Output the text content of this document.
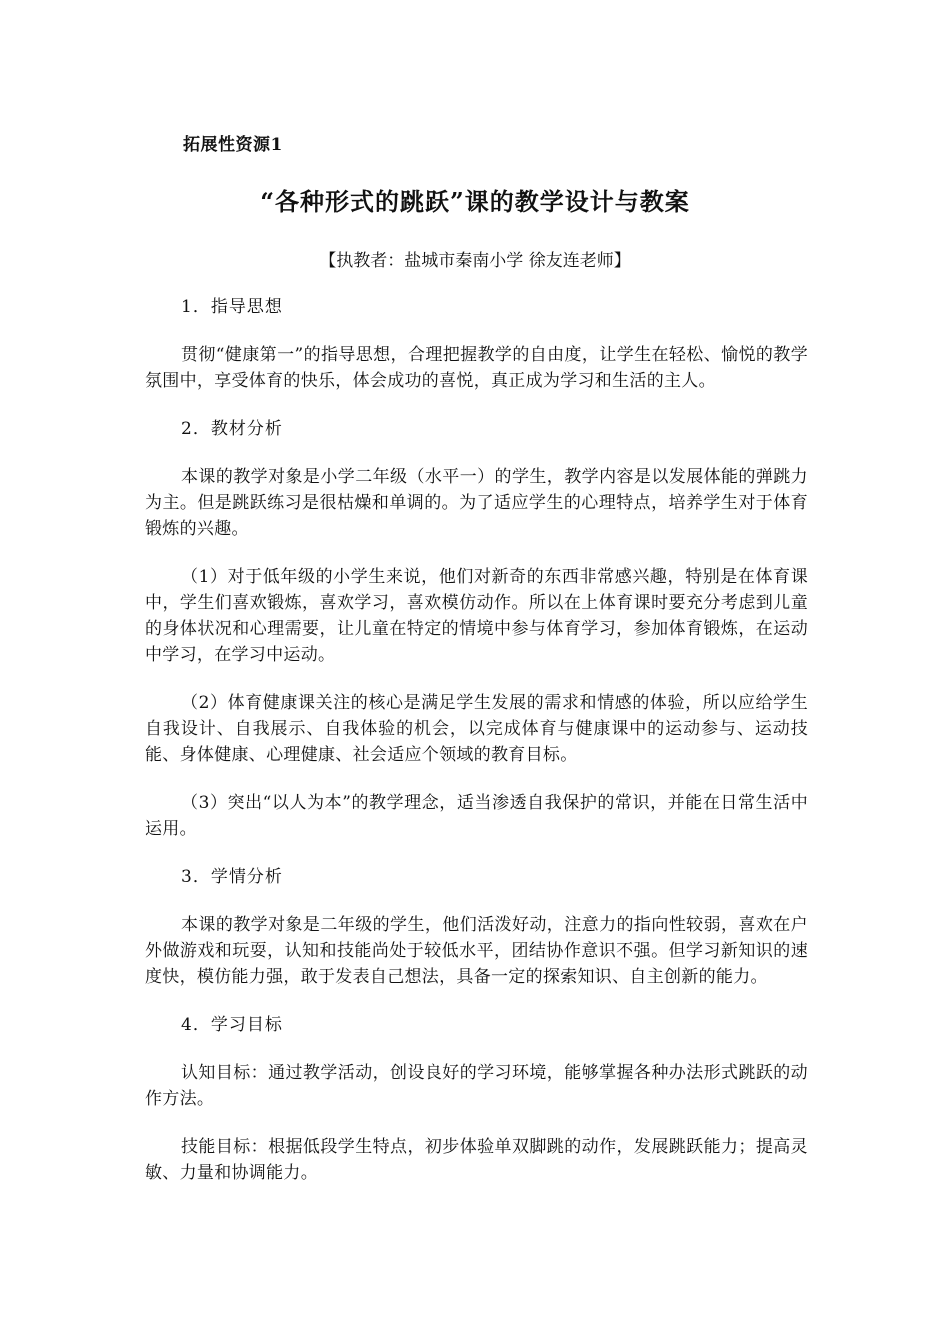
拓展性资源1
“各种形式的跳跃”课的教学设计与教案
【执教者：盐城市秦南小学 徐友连老师】
1．指导思想

贯彻“健康第一”的指导思想，合理把握教学的自由度，让学生在轻松、愉悦的教学氛围中，享受体育的快乐，体会成功的喜悦，真正成为学习和生活的主人。

2．教材分析

本课的教学对象是小学二年级（水平一）的学生，教学内容是以发展体能的弹跳力为主。但是跳跃练习是很枯燥和单调的。为了适应学生的心理特点，培养学生对于体育锻炼的兴趣。

（1）对于低年级的小学生来说，他们对新奇的东西非常感兴趣，特别是在体育课中，学生们喜欢锻炼，喜欢学习，喜欢模仿动作。所以在上体育课时要充分考虑到儿童的身体状况和心理需要，让儿童在特定的情境中参与体育学习，参加体育锻炼，在运动中学习，在学习中运动。

（2）体育健康课关注的核心是满足学生发展的需求和情感的体验，所以应给学生自我设计、自我展示、自我体验的机会，以完成体育与健康课中的运动参与、运动技能、身体健康、心理健康、社会适应个领域的教育目标。

（3）突出“以人为本”的教学理念，适当渗透自我保护的常识，并能在日常生活中运用。

3．学情分析

本课的教学对象是二年级的学生，他们活泼好动，注意力的指向性较弱，喜欢在户外做游戏和玩耍，认知和技能尚处于较低水平，团结协作意识不强。但学习新知识的速度快，模仿能力强，敢于发表自己想法，具备一定的探索知识、自主创新的能力。

4．学习目标

认知目标：通过教学活动，创设良好的学习环境，能够掌握各种办法形式跳跃的动作方法。

技能目标：根据低段学生特点，初步体验单双脚跳的动作，发展跳跃能力；提高灵敏、力量和协调能力。
